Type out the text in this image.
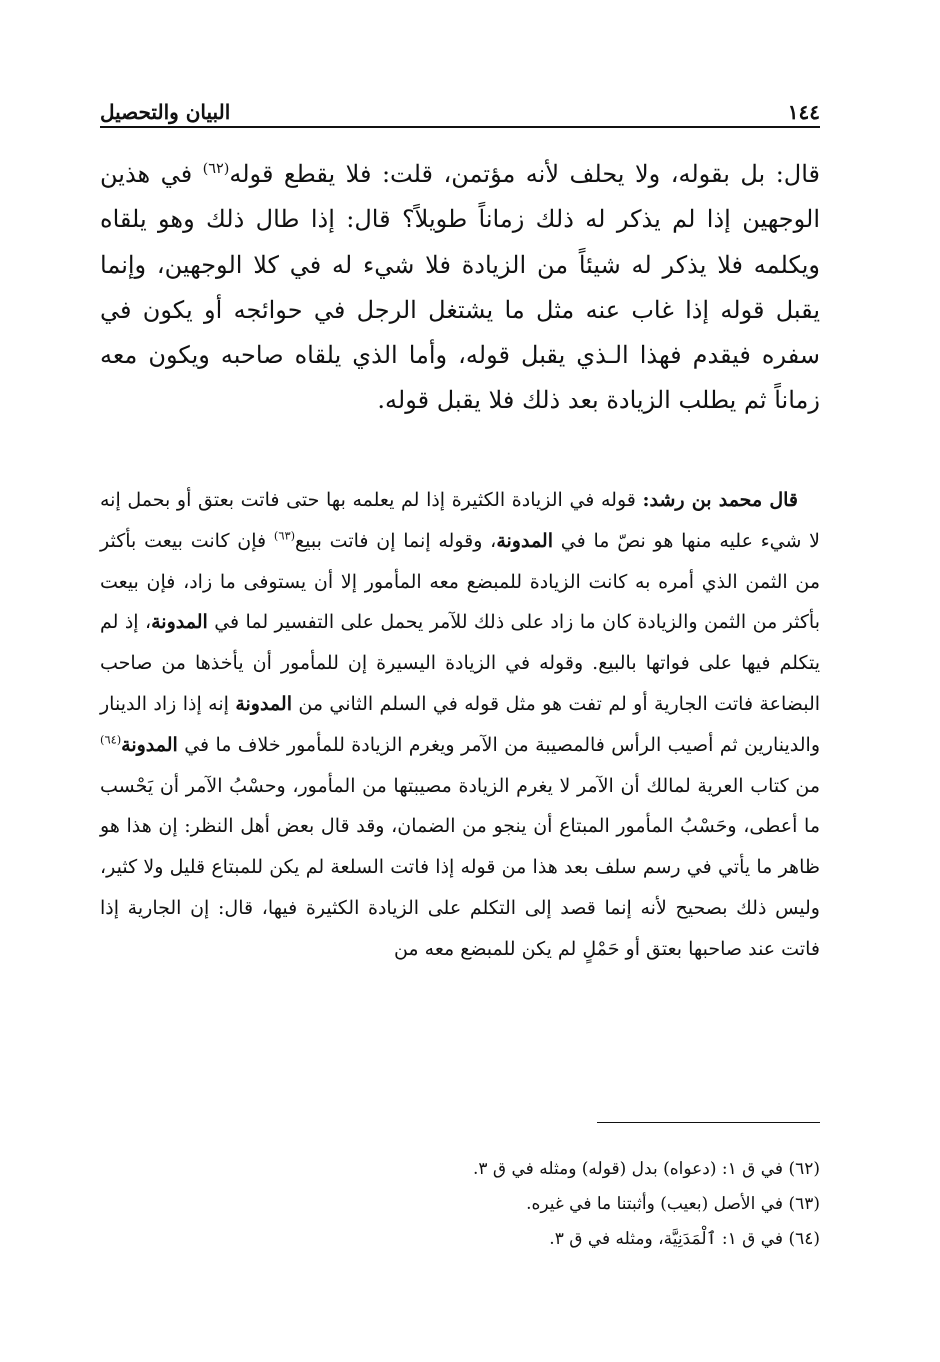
١٤٤
البيان والتحصيل

قال: بل بقوله، ولا يحلف لأنه مؤتمن، قلت: فلا يقطع قوله$^{(٦٢)}$ في هذين الوجهين إذا لم يذكر له ذلك زماناً طويلاً؟ قال: إذا طال ذلك وهو يلقاه ويكلمه فلا يذكر له شيئاً من الزيادة فلا شيء له في كلا الوجهين، وإنما يقبل قوله إذا غاب عنه مثل ما يشتغل الرجل في حوائجه أو يكون في سفره فيقدم فهذا الـذي يقبل قوله، وأما الذي يلقاه صاحبه ويكون معه زماناً ثم يطلب الزيادة بعد ذلك فلا يقبل قوله.

قال محمد بن رشد: قوله في الزيادة الكثيرة إذا لم يعلمه بها حتى فاتت بعتق أو بحمل إنه لا شيء عليه منها هو نصّ ما في المدونة، وقوله إنما إن فاتت ببيع$^{(٦٣)}$ فإن كانت بيعت بأكثر من الثمن الذي أمره به كانت الزيادة للمبضع معه المأمور إلا أن يستوفى ما زاد، فإن بيعت بأكثر من الثمن والزيادة كان ما زاد على ذلك للآمر يحمل على التفسير لما في المدونة، إذ لم يتكلم فيها على فواتها بالبيع. وقوله في الزيادة اليسيرة إن للمأمور أن يأخذها من صاحب البضاعة فاتت الجارية أو لم تفت هو مثل قوله في السلم الثاني من المدونة إنه إذا زاد الدينار والدينارين ثم أصيب الرأس فالمصيبة من الآمر ويغرم الزيادة للمأمور خلاف ما في المدونة$^{(٦٤)}$ من كتاب العرية لمالك أن الآمر لا يغرم الزيادة مصيبتها من المأمور، وحسْبُ الآمر أن يَحْسب ما أعطى، وحَسْبُ المأمور المبتاع أن ينجو من الضمان، وقد قال بعض أهل النظر: إن هذا هو ظاهر ما يأتي في رسم سلف بعد هذا من قوله إذا فاتت السلعة لم يكن للمبتاع قليل ولا كثير، وليس ذلك بصحيح لأنه إنما قصد إلى التكلم على الزيادة الكثيرة فيها، قال: إن الجارية إذا فاتت عند صاحبها بعتق أو حَمْلٍ لم يكن للمبضع معه من

(٦٢) في ق ١: (دعواه) بدل (قوله) ومثله في ق ٣.
(٦٣) في الأصل (بعيب) وأثبتنا ما في غيره.
(٦٤) في ق ١: ٱلْمَدَنِيَّة، ومثله في ق ٣.
